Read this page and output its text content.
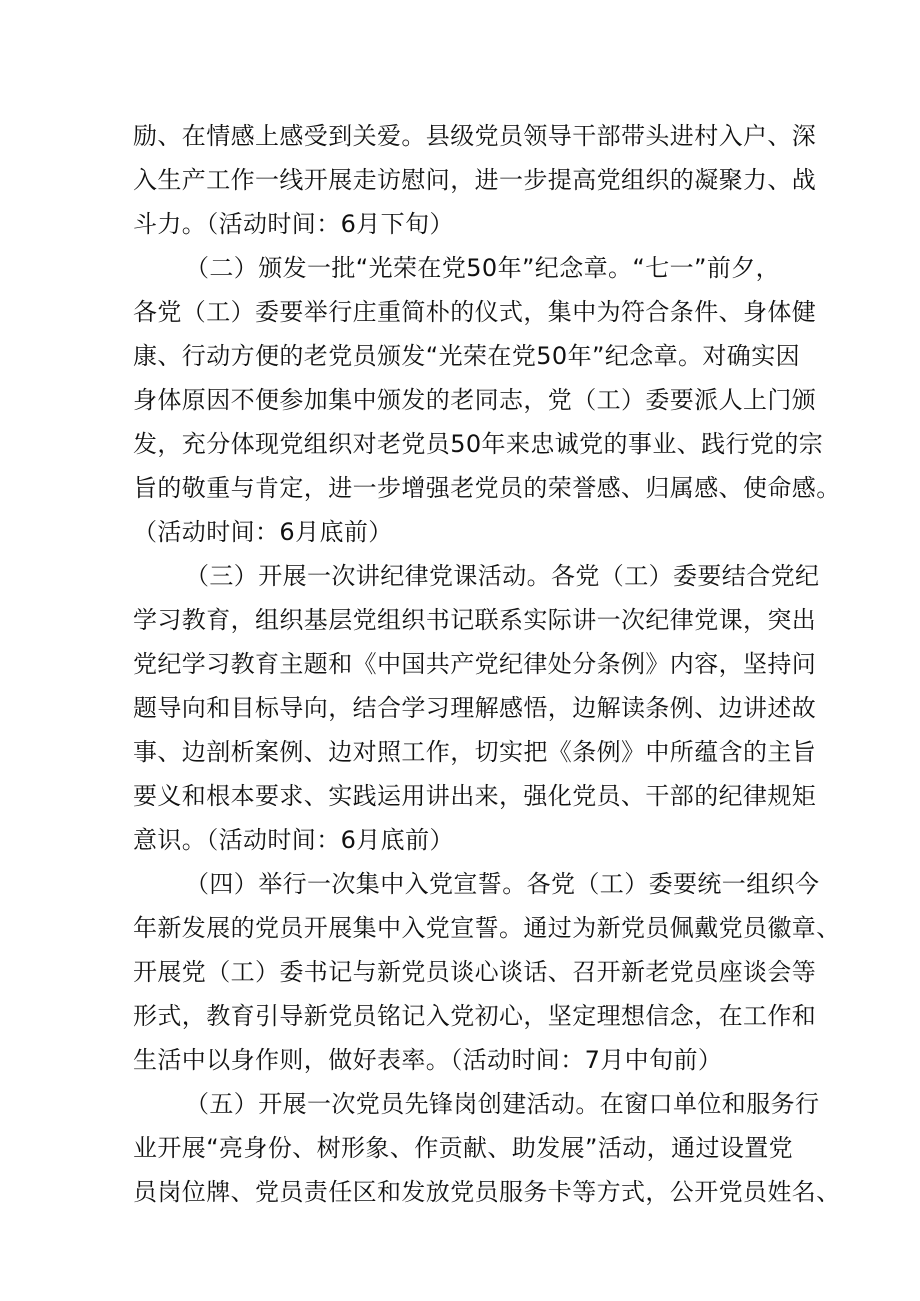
励、在情感上感受到关爱。县级党员领导干部带头进村入户、深
入生产工作一线开展走访慰问，进一步提高党组织的凝聚力、战
斗力。（活动时间：6月下旬）
（二）颁发一批“光荣在党50年”纪念章。“七一”前夕，
各党（工）委要举行庄重简朴的仪式，集中为符合条件、身体健
康、行动方便的老党员颁发“光荣在党50年”纪念章。对确实因
身体原因不便参加集中颁发的老同志，党（工）委要派人上门颁
发，充分体现党组织对老党员50年来忠诚党的事业、践行党的宗
旨的敬重与肯定，进一步增强老党员的荣誉感、归属感、使命感。
（活动时间：6月底前）
（三）开展一次讲纪律党课活动。各党（工）委要结合党纪
学习教育，组织基层党组织书记联系实际讲一次纪律党课，突出
党纪学习教育主题和《中国共产党纪律处分条例》内容，坚持问
题导向和目标导向，结合学习理解感悟，边解读条例、边讲述故
事、边剖析案例、边对照工作，切实把《条例》中所蕴含的主旨
要义和根本要求、实践运用讲出来，强化党员、干部的纪律规矩
意识。（活动时间：6月底前）
（四）举行一次集中入党宣誓。各党（工）委要统一组织今
年新发展的党员开展集中入党宣誓。通过为新党员佩戴党员徽章、
开展党（工）委书记与新党员谈心谈话、召开新老党员座谈会等
形式，教育引导新党员铭记入党初心，坚定理想信念，在工作和
生活中以身作则，做好表率。（活动时间：7月中旬前）
（五）开展一次党员先锋岗创建活动。在窗口单位和服务行
业开展“亮身份、树形象、作贡献、助发展”活动，通过设置党
员岗位牌、党员责任区和发放党员服务卡等方式，公开党员姓名、
